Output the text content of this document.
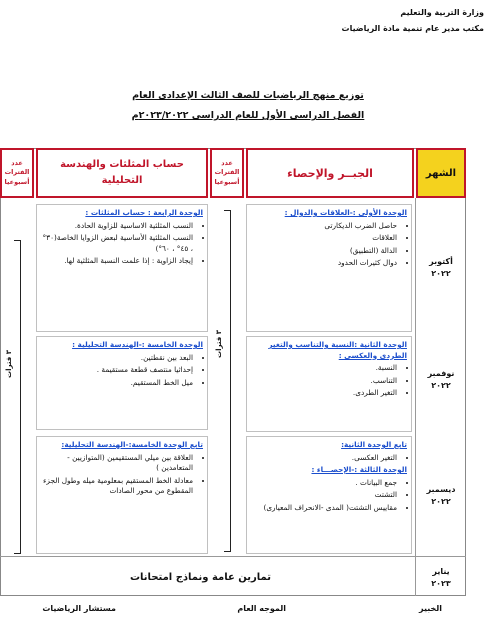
وزارة التربية والتعليم
مكتب مدير عام تنمية مادة الرياضيات
توزيع منهج الرياضيات للصف الثالث الإعدادى العام
الفصل الدراسى الأول للعام الدراسى ٢٠٢٣/٢٠٢٢م
الشهر
الجبــر والإحصاء
عدد الفترات أسبوعيا
حساب المثلثات والهندسة التحليلية
عدد الفترات أسبوعيا
أكتوبر
٢٠٢٢
نوفمبر
٢٠٢٢
ديسمبر
٢٠٢٢
يناير
٢٠٢٣
الوحدة الأولى :-العلاقات والدوال :
• حاصل الضرب الديكارتى
• العلاقات
• الدالة (التطبيق)
• دوال كثيرات الحدود
الوحدة الثانية :النسبة والتناسب والتغير الطردى والعكسى :
• النسبة.
• التناسب.
• التغير الطردى.
تابع الوحدة الثانية:
• التغير العكسى.
الوحدة الثالثة :-الإحصـــاء :
• جمع البيانات .
• التشتت
• مقاييس التشتت( المدى -الانحراف المعيارى)
الوحدة الرابعة : حساب المثلثات :
• النسب المثلثية الاساسية للزاوية الحادة.
• النسب المثلثية الأساسية لبعض الزوايا الخاصة(٣٠° ، ٤٥° ، ٦٠°)
• إيجاد الزاوية : إذا علمت النسبة المثلثية لها.
الوحدة الخامسة :-الهندسة التحليلية :
• البعد بين نقطتين.
• إحداثيا منتصف قطعة مستقيمة .
• ميل الخط المستقيم.
تابع الوحدة الخامسة:-الهندسة التحليلية:
• العلاقة بين ميلي المستقيمين (المتوازيين - المتعامدين )
• معادلة الخط المستقيم بمعلومية ميله وطول الجزء المقطوع من محور الصادات
٣ فترات
٣ فترات
تمارين عامة ونماذج امتحانات
الخبير
الموجه العام
مستشار الرياضيات
